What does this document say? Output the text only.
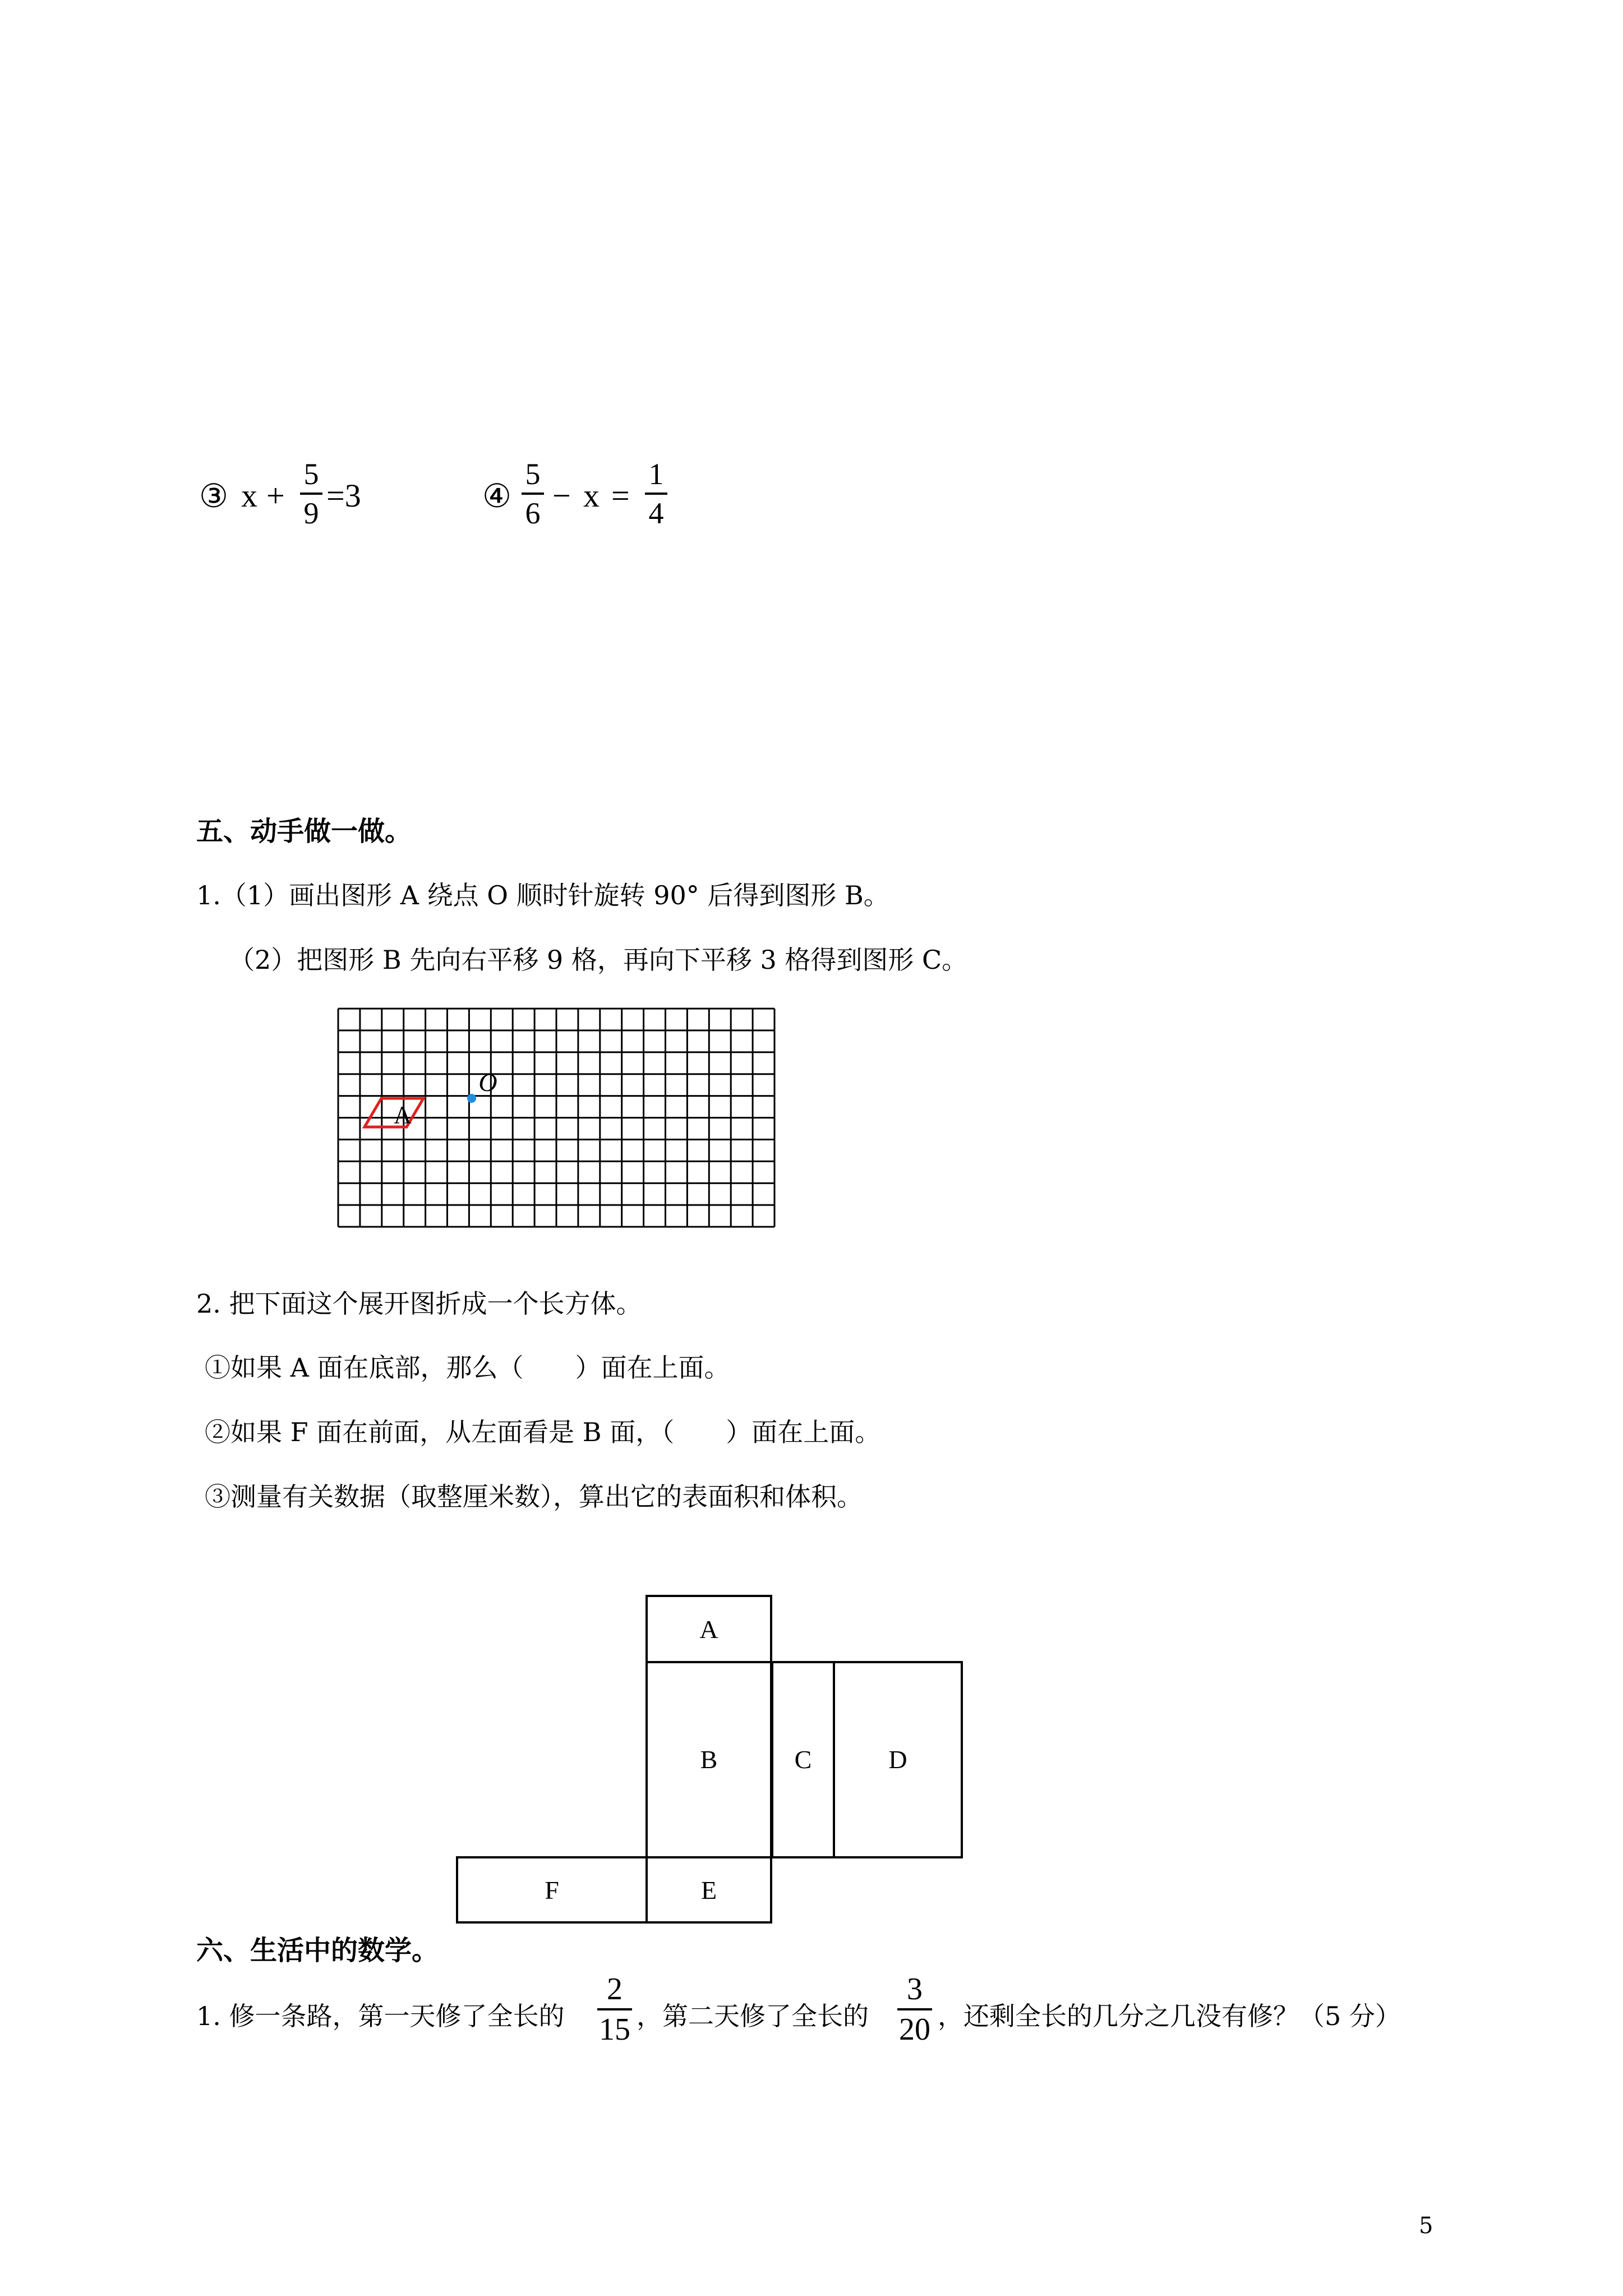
③ x +
5
9 =3	④
5
6 − x =
1
4
五、动手做一做。
1.（1）画出图形 A 绕点 O 顺时针旋转 90° 后得到图形 B。
（2）把图形 B 先向右平移 9 格，再向下平移 3 格得到图形 C。
A
O
2. 把下面这个展开图折成一个长方体。
①如果 A 面在底部，那么（　　）面在上面。
②如果 F 面在前面，从左面看是 B 面，（　　）面在上面。
③测量有关数据（取整厘米数），算出它的表面积和体积。
A
B	C	D
F	E
六、生活中的数学。
1. 修一条路，第一天修了全长的
2
15 ，第二天修了全长的
3
20 ，还剩全长的几分之几没有修？（5 分）
5
